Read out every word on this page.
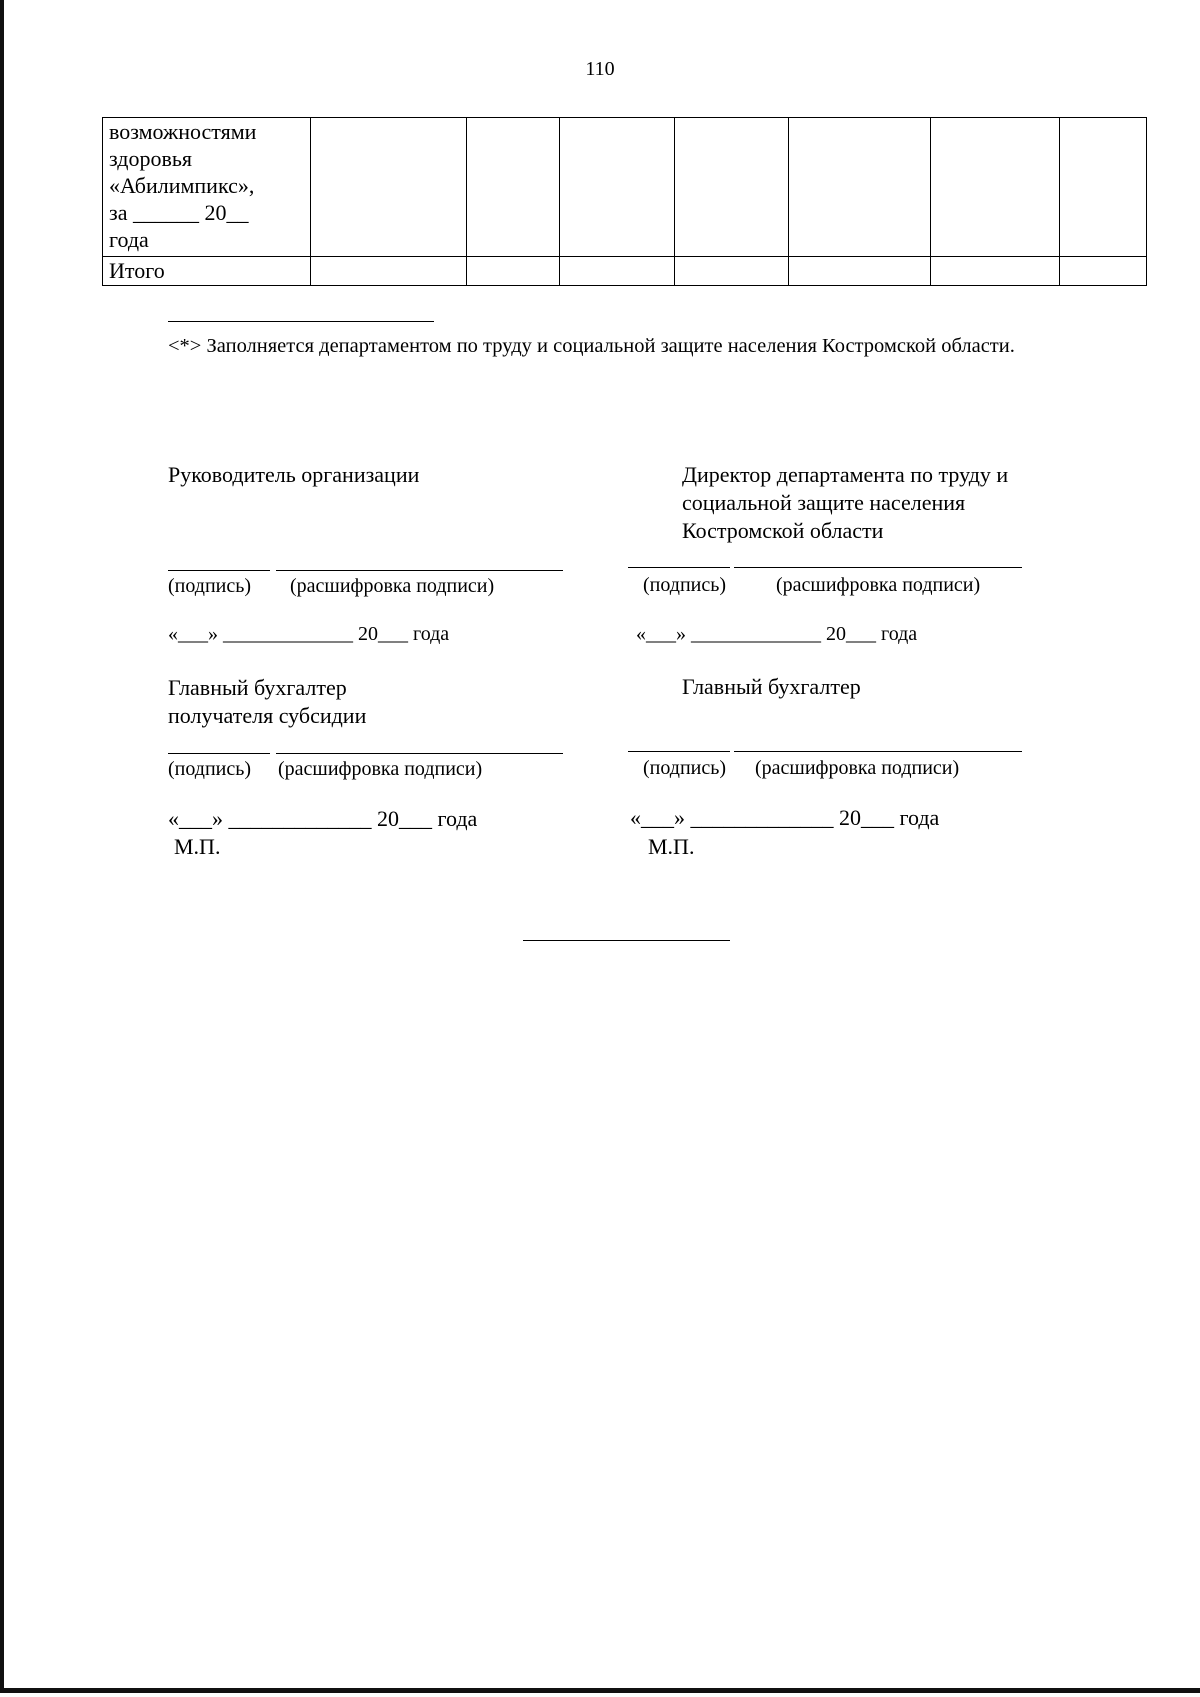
110
возможностями
здоровья
«Абилимпикс»,
за ______ 20__
года							

Итого							
<*> Заполняется департаментом по труду и социальной защите населения Костромской области.
Руководитель организации
(подпись) (расшифровка подписи)
«___» _____________ 20___ года
Главный бухгалтер
получателя субсидии
(подпись) (расшифровка подписи)
«___» _____________ 20___ года
М.П.
Директор департамента по труду и
социальной защите населения
Костромской области
(подпись) (расшифровка подписи)
«___» _____________ 20___ года
Главный бухгалтер
(подпись) (расшифровка подписи)
«___» _____________ 20___ года
М.П.
